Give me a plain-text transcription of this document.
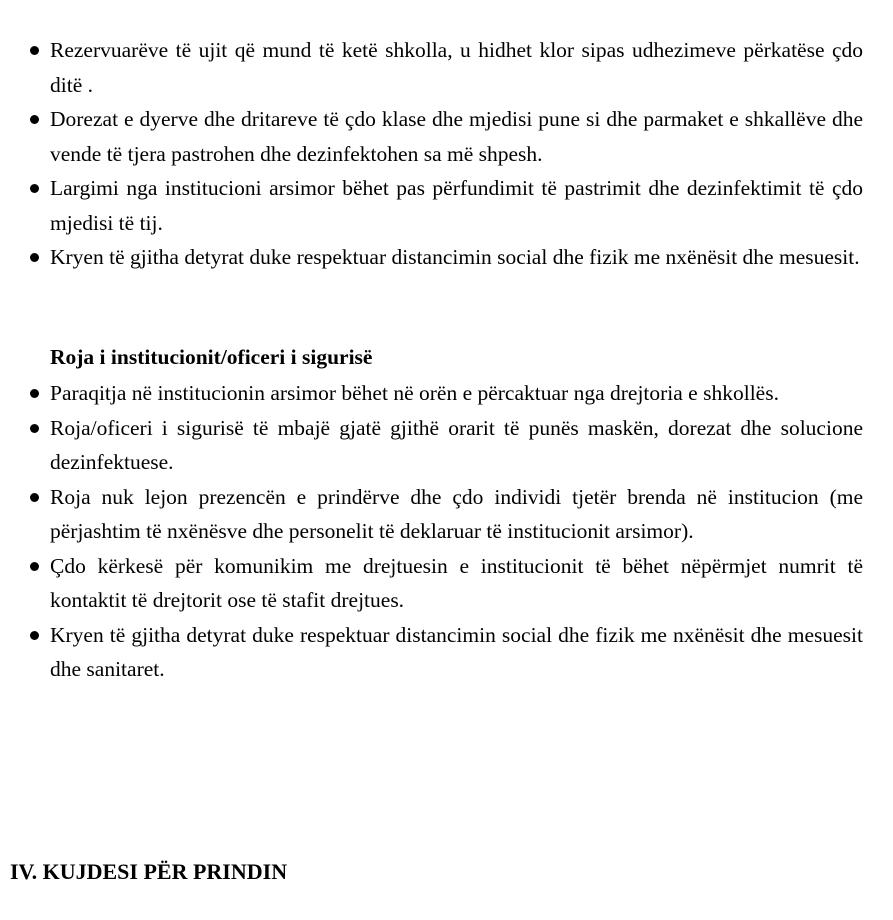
Rezervuarëve të ujit që mund të ketë shkolla, u hidhet klor sipas udhezimeve përkatëse çdo ditë .
Dorezat e dyerve dhe dritareve të çdo klase dhe mjedisi pune si dhe parmaket e shkallëve dhe vende të tjera pastrohen dhe dezinfektohen sa më shpesh.
Largimi nga institucioni arsimor bëhet pas përfundimit të pastrimit dhe dezinfektimit të çdo mjedisi të tij.
Kryen të gjitha detyrat duke respektuar distancimin social dhe fizik me nxënësit dhe mesuesit.

Roja i institucionit/oficeri i sigurisë

Paraqitja në institucionin arsimor bëhet në orën e përcaktuar nga drejtoria e shkollës.
Roja/oficeri i sigurisë të mbajë gjatë gjithë orarit të punës maskën, dorezat dhe solucione dezinfektuese.
Roja nuk lejon prezencën e prindërve dhe çdo individi tjetër brenda në institucion (me përjashtim të nxënësve dhe personelit të deklaruar të institucionit arsimor).
Çdo kërkesë për komunikim me drejtuesin e institucionit të bëhet nëpërmjet numrit të kontaktit të drejtorit ose të stafit drejtues.
Kryen të gjitha detyrat duke respektuar distancimin social dhe fizik me nxënësit dhe mesuesit dhe sanitaret.
IV. KUJDESI PËR PRINDIN
